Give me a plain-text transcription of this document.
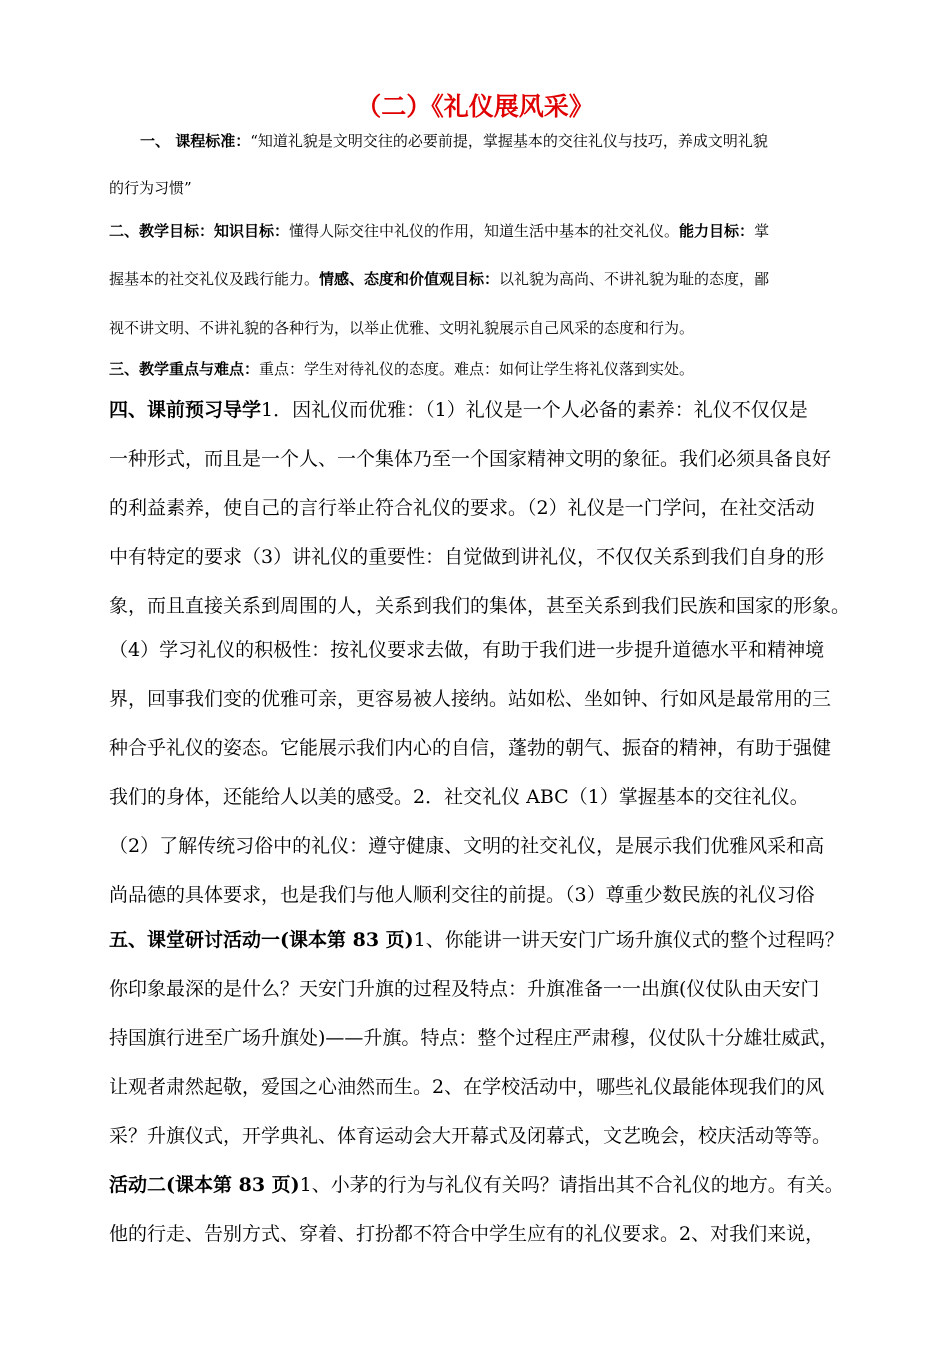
（二）《礼仪展风采》
一、 课程标准：“知道礼貌是文明交往的必要前提，掌握基本的交往礼仪与技巧，养成文明礼貌
的行为习惯”
二、教学目标：知识目标：懂得人际交往中礼仪的作用，知道生活中基本的社交礼仪。能力目标：掌
握基本的社交礼仪及践行能力。情感、态度和价值观目标：以礼貌为高尚、不讲礼貌为耻的态度，鄙
视不讲文明、不讲礼貌的各种行为，以举止优雅、文明礼貌展示自己风采的态度和行为。
三、教学重点与难点：重点：学生对待礼仪的态度。难点：如何让学生将礼仪落到实处。
四、课前预习导学1．因礼仪而优雅：（1）礼仪是一个人必备的素养：礼仪不仅仅是
一种形式，而且是一个人、一个集体乃至一个国家精神文明的象征。我们必须具备良好
的利益素养，使自己的言行举止符合礼仪的要求。（2）礼仪是一门学问，在社交活动
中有特定的要求（3）讲礼仪的重要性：自觉做到讲礼仪，不仅仅关系到我们自身的形
象，而且直接关系到周围的人，关系到我们的集体，甚至关系到我们民族和国家的形象。
（4）学习礼仪的积极性：按礼仪要求去做，有助于我们进一步提升道德水平和精神境
界，回事我们变的优雅可亲，更容易被人接纳。站如松、坐如钟、行如风是最常用的三
种合乎礼仪的姿态。它能展示我们内心的自信，蓬勃的朝气、振奋的精神，有助于强健
我们的身体，还能给人以美的感受。2．社交礼仪 ABC（1）掌握基本的交往礼仪。
（2）了解传统习俗中的礼仪：遵守健康、文明的社交礼仪，是展示我们优雅风采和高
尚品德的具体要求，也是我们与他人顺利交往的前提。（3）尊重少数民族的礼仪习俗
五、课堂研讨活动一(课本第 83 页)1、你能讲一讲天安门广场升旗仪式的整个过程吗？
你印象最深的是什么？天安门升旗的过程及特点：升旗准备一一出旗(仪仗队由天安门
持国旗行进至广场升旗处)——升旗。特点：整个过程庄严肃穆，仪仗队十分雄壮威武，
让观者肃然起敬，爱国之心油然而生。2、在学校活动中，哪些礼仪最能体现我们的风
采？升旗仪式，开学典礼、体育运动会大开幕式及闭幕式，文艺晚会，校庆活动等等。
活动二(课本第 83 页)1、小茅的行为与礼仪有关吗？请指出其不合礼仪的地方。有关。
他的行走、告别方式、穿着、打扮都不符合中学生应有的礼仪要求。2、对我们来说，
